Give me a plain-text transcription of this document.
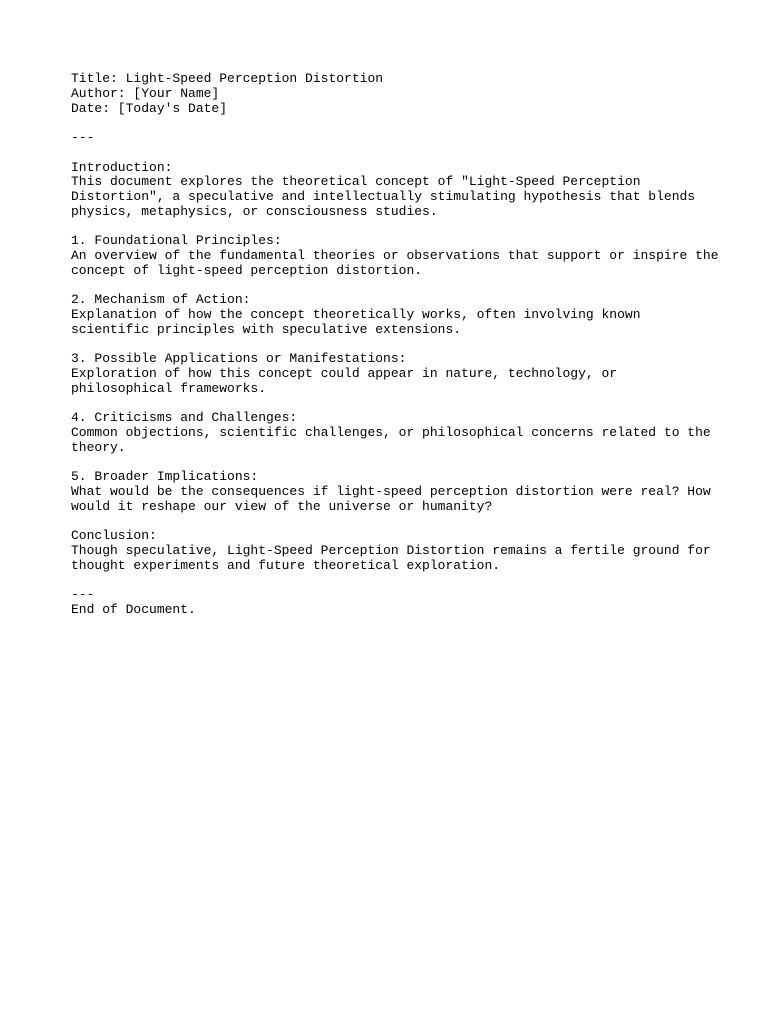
Title: Light-Speed Perception Distortion
Author: [Your Name]
Date: [Today's Date]
---
Introduction:
This document explores the theoretical concept of "Light-Speed Perception
Distortion", a speculative and intellectually stimulating hypothesis that blends
physics, metaphysics, or consciousness studies.
1. Foundational Principles:
An overview of the fundamental theories or observations that support or inspire the
concept of light-speed perception distortion.
2. Mechanism of Action:
Explanation of how the concept theoretically works, often involving known
scientific principles with speculative extensions.
3. Possible Applications or Manifestations:
Exploration of how this concept could appear in nature, technology, or
philosophical frameworks.
4. Criticisms and Challenges:
Common objections, scientific challenges, or philosophical concerns related to the
theory.
5. Broader Implications:
What would be the consequences if light-speed perception distortion were real? How
would it reshape our view of the universe or humanity?
Conclusion:
Though speculative, Light-Speed Perception Distortion remains a fertile ground for
thought experiments and future theoretical exploration.
---
End of Document.
